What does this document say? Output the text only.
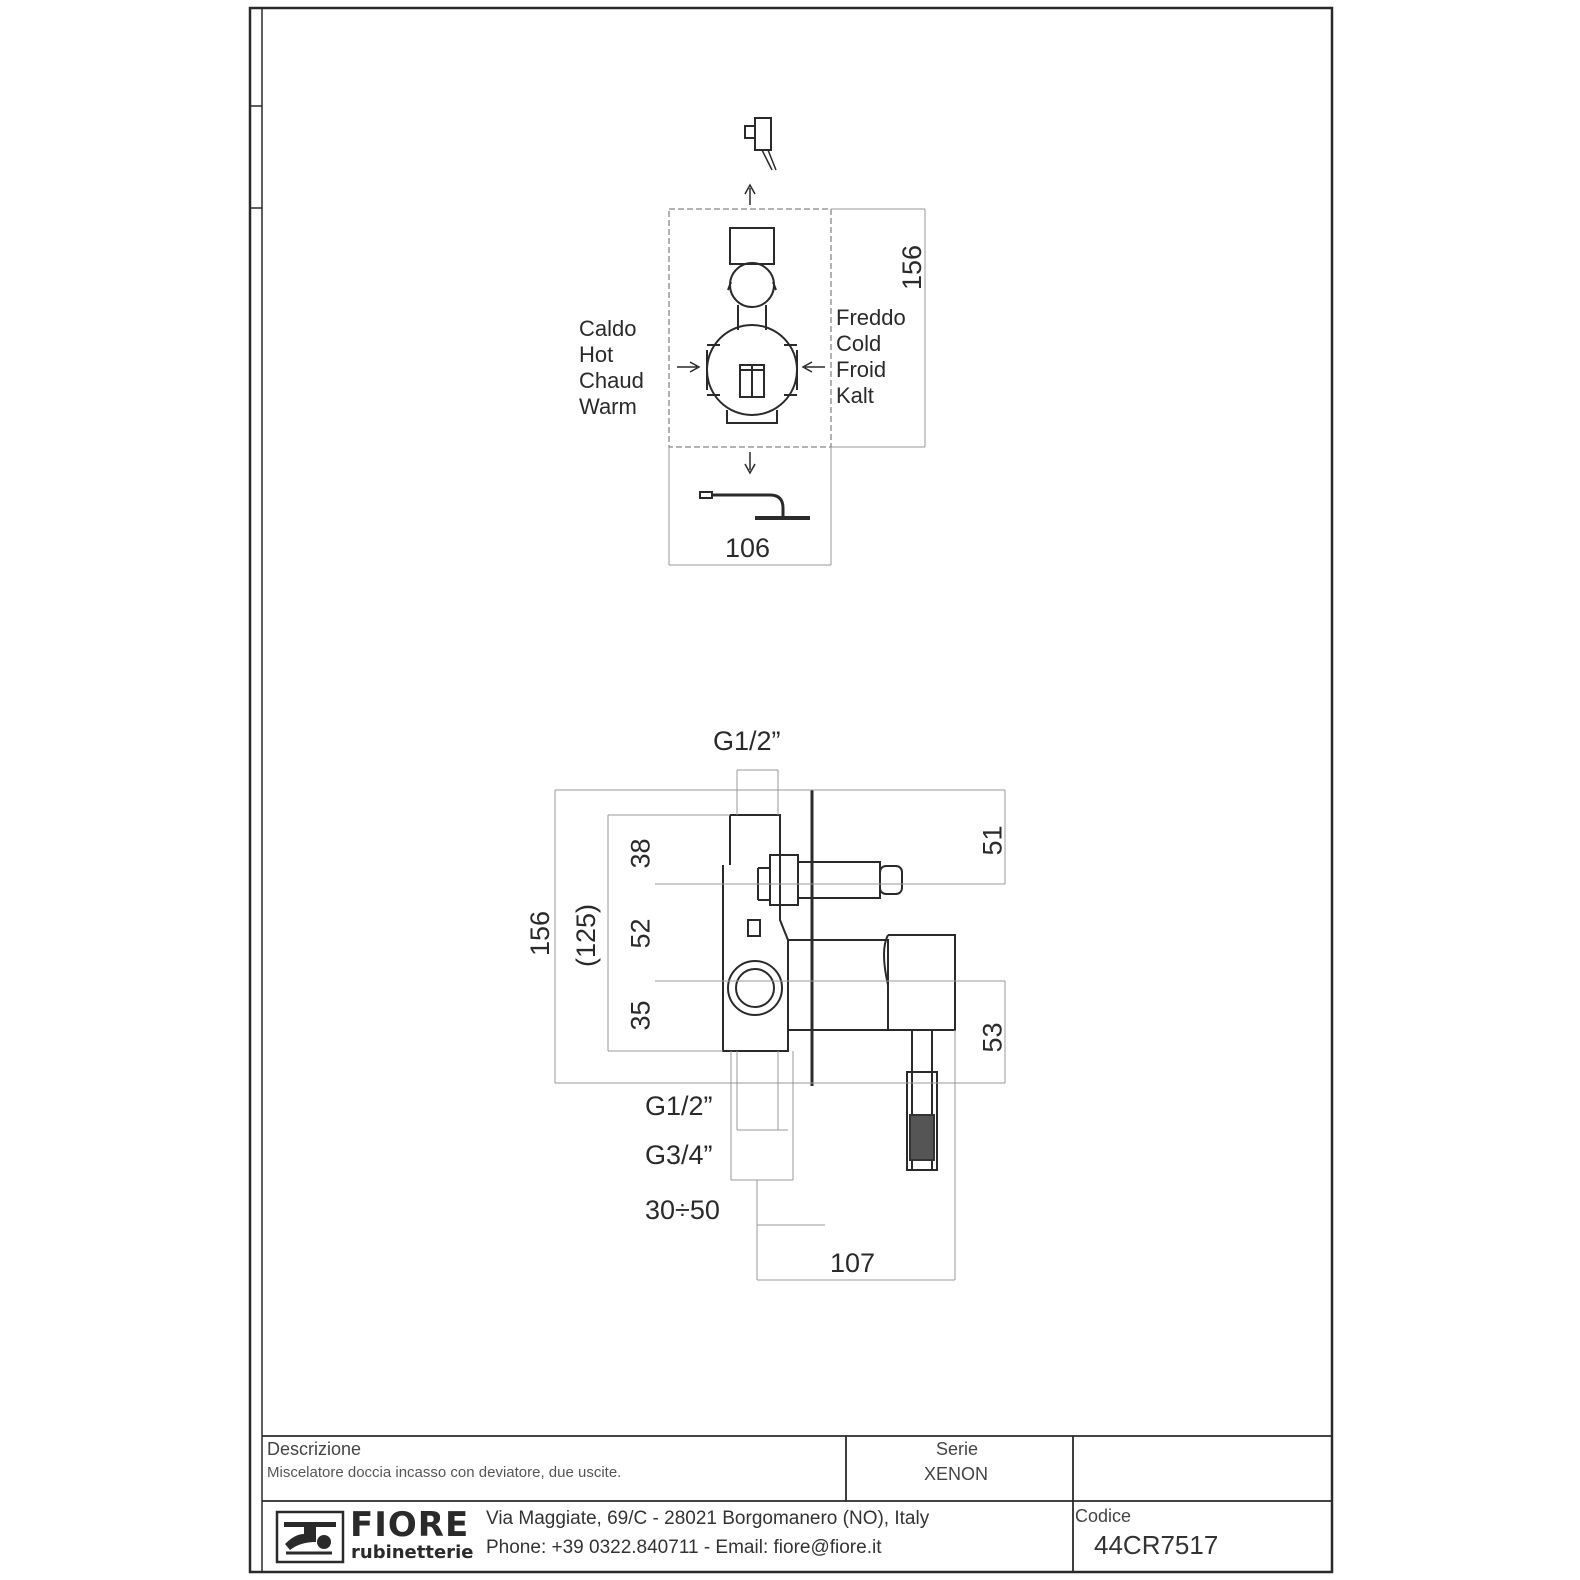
Caldo
Hot
Chaud
Warm
Freddo
Cold
Froid
Kalt
106
156
G1/2”
156 (125)
38
52
35
51
53
G1/2”
G3/4”
30÷50
107
Descrizione
Miscelatore doccia incasso con deviatore, due uscite.
Serie
XENON
Codice
44CR7517
FIORE
rubinetterie
Via Maggiate, 69/C - 28021 Borgomanero (NO), Italy
Phone: +39 0322.840711 - Email: fiore@fiore.it
